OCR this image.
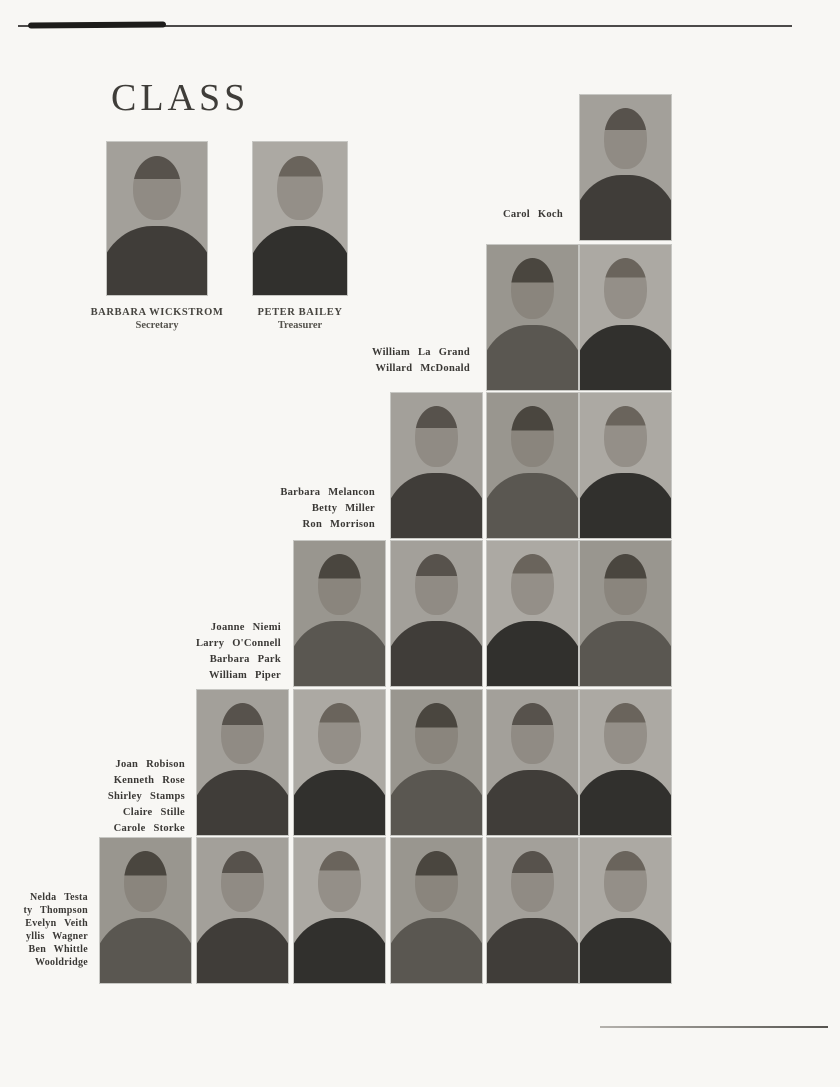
CLASS
BARBARA WICKSTROM
Secretary
PETER BAILEY
Treasurer
Carol Koch
William La Grand
Willard McDonald
Barbara Melancon
Betty Miller
Ron Morrison
Joanne Niemi
Larry O'Connell
Barbara Park
William Piper
Joan Robison
Kenneth Rose
Shirley Stamps
Claire Stille
Carole Storke
Nelda Testa
ty Thompson
Evelyn Veith
yllis Wagner
Ben Whittle
Wooldridge
